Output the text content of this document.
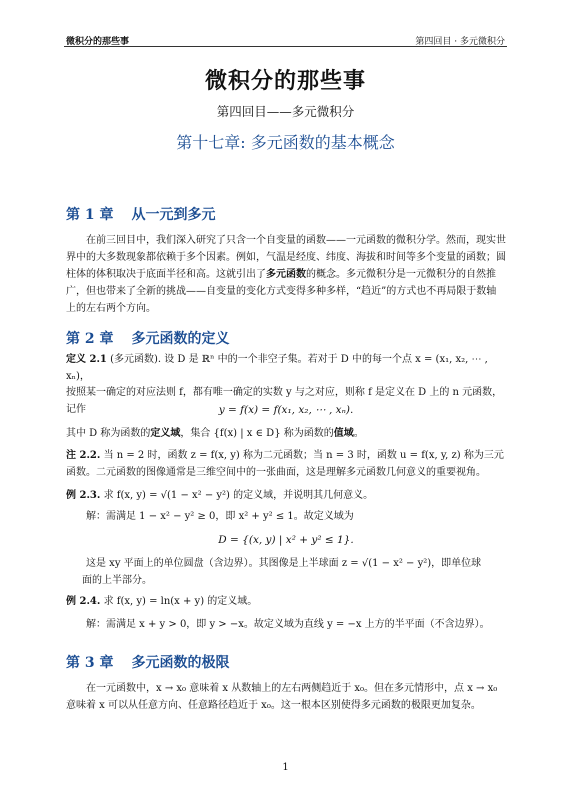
微积分的那些事	第四回目 · 多元微积分
微积分的那些事
第四回目——多元微积分
第十七章: 多元函数的基本概念
第 1 章 从一元到多元
在前三回目中，我们深入研究了只含一个自变量的函数——一元函数的微积分学。然而，现实世界中的大多数现象都依赖于多个因素。例如，气温是经度、纬度、海拔和时间等多个变量的函数；圆柱体的体积取决于底面半径和高。这就引出了多元函数的概念。多元微积分是一元微积分的自然推广，但也带来了全新的挑战——自变量的变化方式变得多种多样，“趋近”的方式也不再局限于数轴上的左右两个方向。
第 2 章 多元函数的定义
定义 2.1 (多元函数). 设 D 是 ℝⁿ 中的一个非空子集。若对于 D 中的每一个点 x = (x₁, x₂, ⋯ , xₙ)，
按照某一确定的对应法则 f，都有唯一确定的实数 y 与之对应，则称 f 是定义在 D 上的 n 元函数，
记作	y = f(x) = f(x₁, x₂, ⋯ , xₙ).
其中 D 称为函数的定义域，集合 {f(x) | x ∈ D} 称为函数的值域。
注 2.2. 当 n = 2 时，函数 z = f(x, y) 称为二元函数；当 n = 3 时，函数 u = f(x, y, z) 称为三元
函数。二元函数的图像通常是三维空间中的一张曲面，这是理解多元函数几何意义的重要视角。
例 2.3. 求 f(x, y) = √(1 − x² − y²) 的定义域，并说明其几何意义。
解：需满足 1 − x² − y² ≥ 0，即 x² + y² ≤ 1。故定义域为
D = {(x, y) | x² + y² ≤ 1}.
这是 xy 平面上的单位圆盘（含边界）。其图像是上半球面 z = √(1 − x² − y²)，即单位球
面的上半部分。
例 2.4. 求 f(x, y) = ln(x + y) 的定义域。
解：需满足 x + y > 0，即 y > −x。故定义域为直线 y = −x 上方的半平面（不含边界）。
第 3 章 多元函数的极限
在一元函数中，x → x₀ 意味着 x 从数轴上的左右两侧趋近于 x₀。但在多元情形中，点 x → x₀ 意味着 x 可以从任意方向、任意路径趋近于 x₀。这一根本区别使得多元函数的极限更加复杂。
1
